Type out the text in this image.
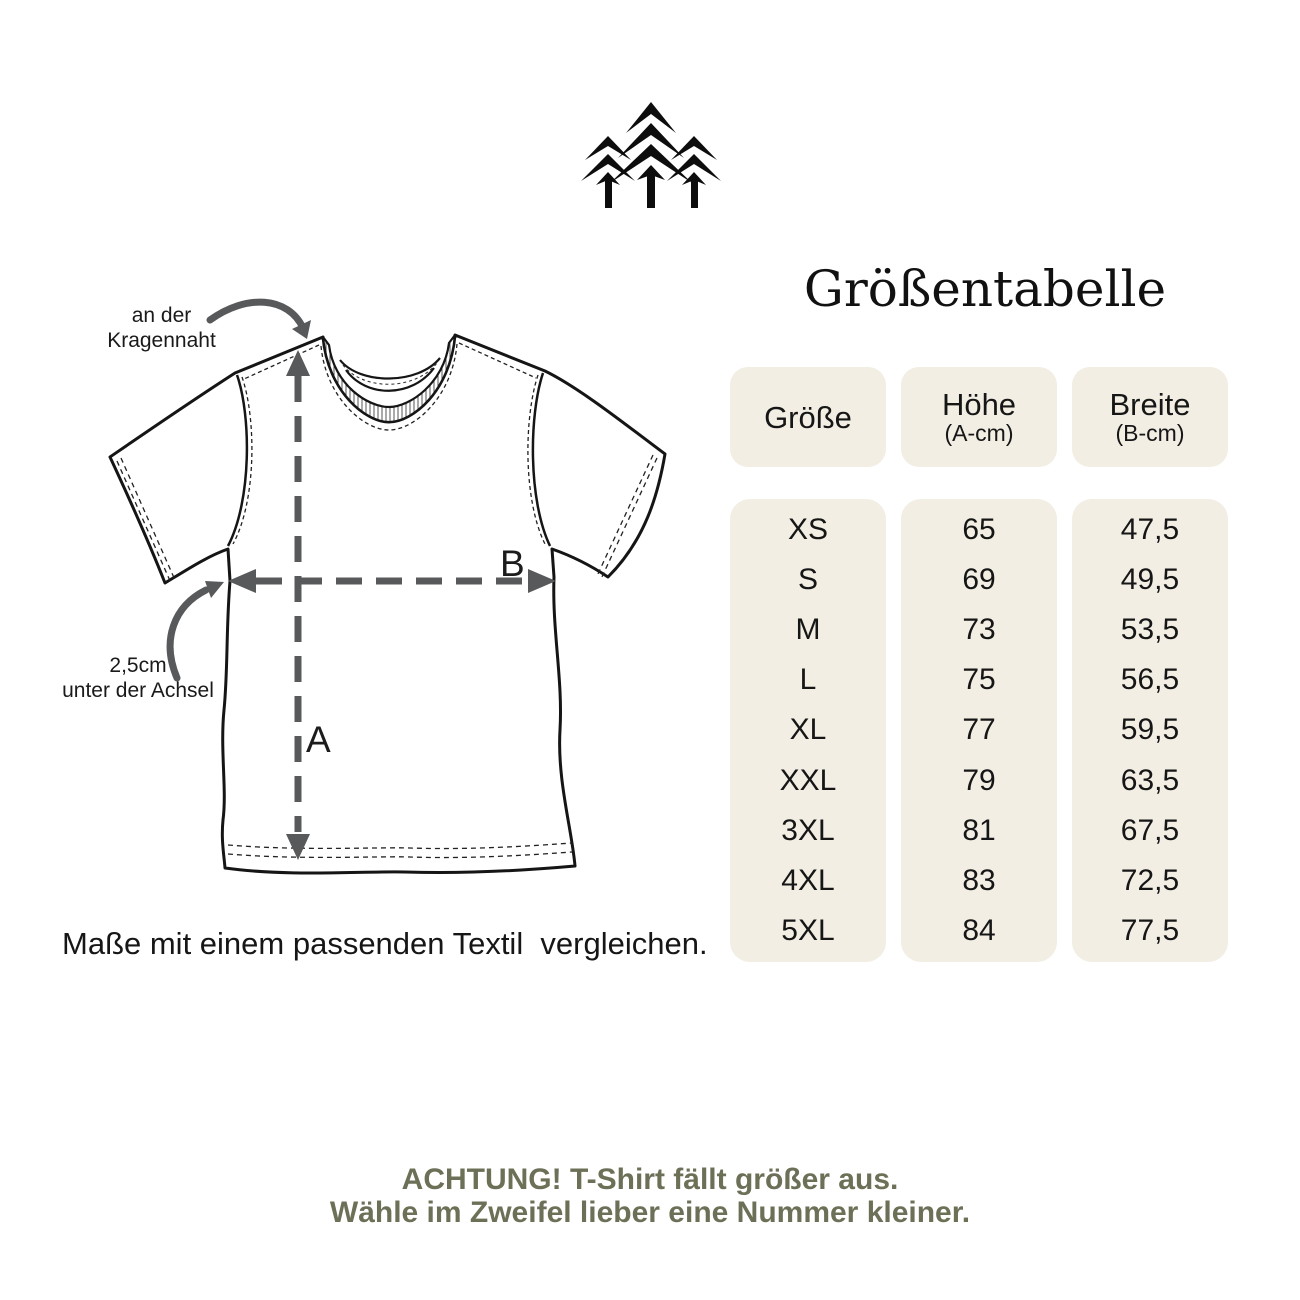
Größentabelle
A
B
an der
Kragennaht
2,5cm
unter der Achsel
Maße mit einem passenden Textil  vergleichen.
Größe
XS
S
M
L
XL
XXL
3XL
4XL
5XL
Höhe
(A-cm)
65
69
73
75
77
79
81
83
84
Breite
(B-cm)
47,5
49,5
53,5
56,5
59,5
63,5
67,5
72,5
77,5
ACHTUNG! T-Shirt fällt größer aus.
Wähle im Zweifel lieber eine Nummer kleiner.
